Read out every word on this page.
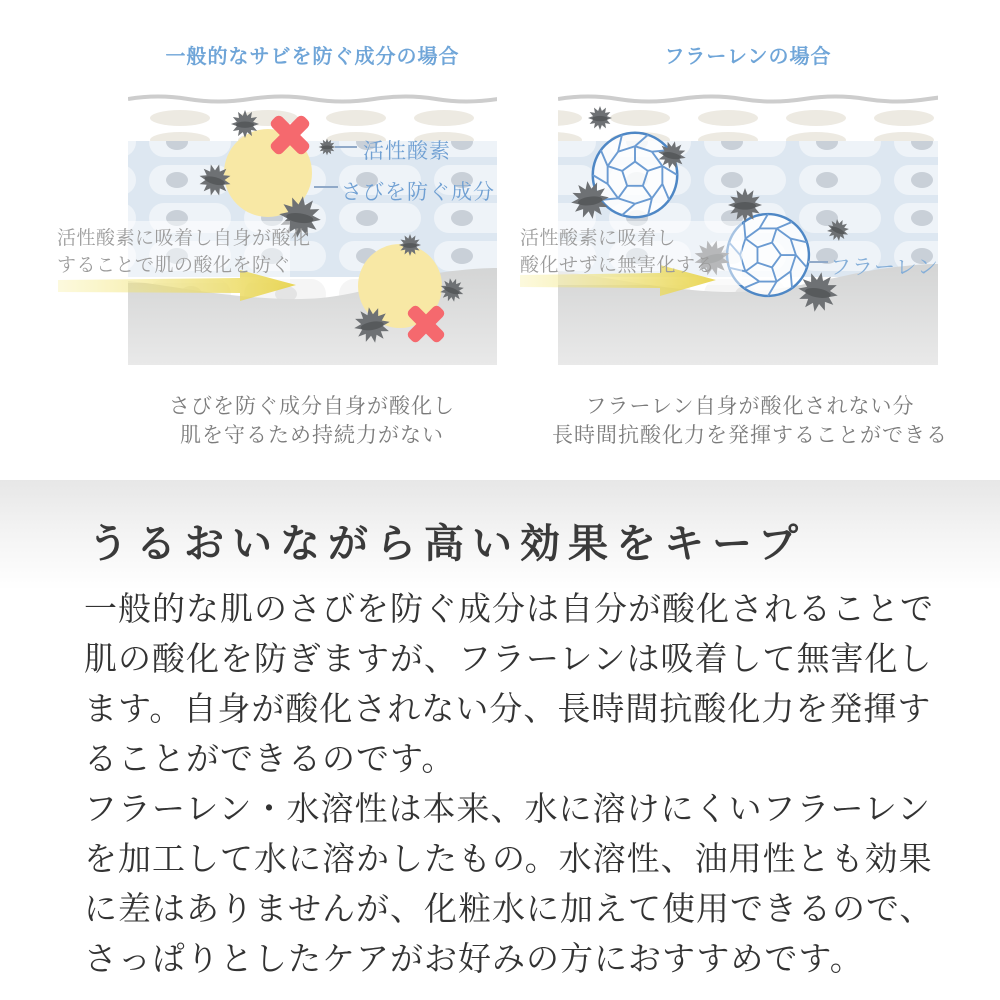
一般的なサビを防ぐ成分の場合
活性酸素
さびを防ぐ成分
活性酸素に吸着し自身が酸化
することで肌の酸化を防ぐ
フラーレンの場合
フラーレン
活性酸素に吸着し
酸化せずに無害化する
さびを防ぐ成分自身が酸化し
肌を守るため持続力がない
フラーレン自身が酸化されない分
長時間抗酸化力を発揮することができる
うるおいながら高い効果をキープ
一般的な肌のさびを防ぐ成分は自分が酸化されることで
肌の酸化を防ぎますが、フラーレンは吸着して無害化し
ます。自身が酸化されない分、長時間抗酸化力を発揮す
ることができるのです。
フラーレン・水溶性は本来、水に溶けにくいフラーレン
を加工して水に溶かしたもの。水溶性、油用性とも効果
に差はありませんが、化粧水に加えて使用できるので、
さっぱりとしたケアがお好みの方におすすめです。
